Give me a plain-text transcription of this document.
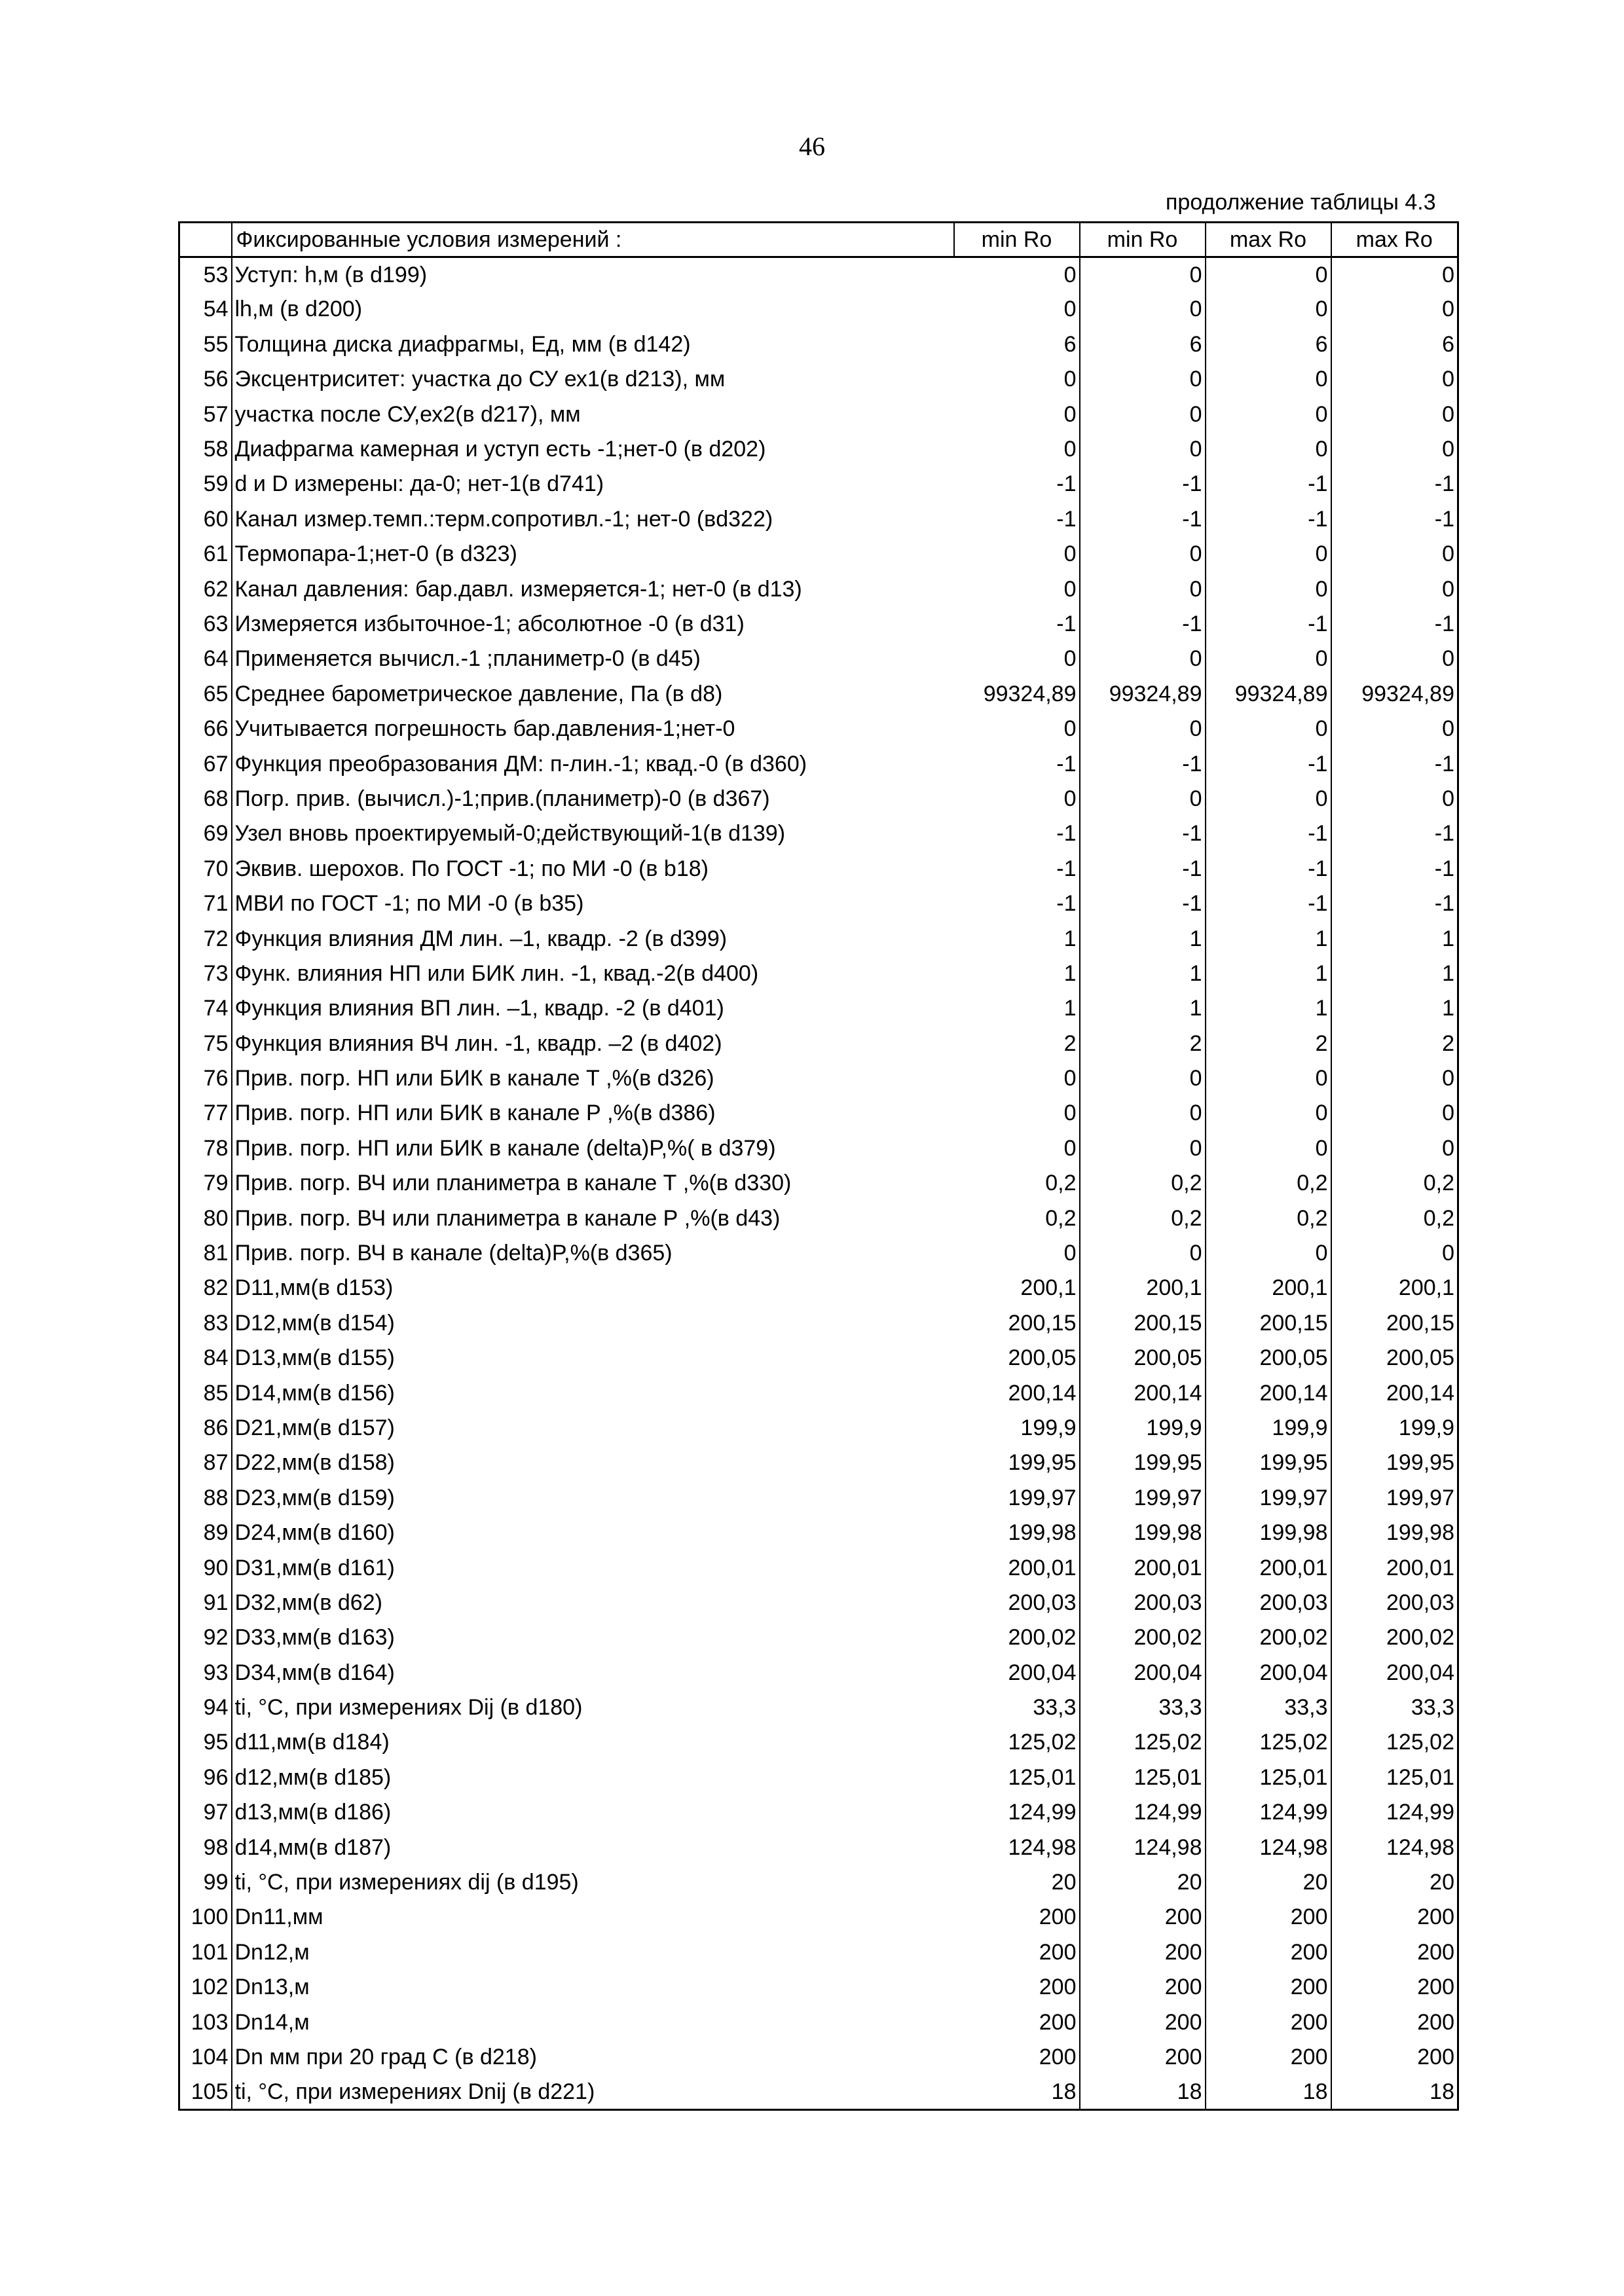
46
продолжение таблицы 4.3
	Фиксированные условия измерений :	min Ro	min Ro	max Ro	max Ro
53	Уступ: h,м (в d199)	0	0	0	0
54	lh,м (в d200)	0	0	0	0
55	Толщина диска диафрагмы, Ед, мм (в d142)	6	6	6	6
56	Эксцентриситет: участка до СУ ех1(в d213), мм	0	0	0	0
57	участка после СУ,ех2(в d217), мм	0	0	0	0
58	Диафрагма камерная и уступ есть -1;нет-0 (в d202)	0	0	0	0
59	d и D измерены: да-0; нет-1(в d741)	-1	-1	-1	-1
60	Канал измер.темп.:терм.сопротивл.-1; нет-0 (вd322)	-1	-1	-1	-1
61	Термопара-1;нет-0 (в d323)	0	0	0	0
62	Канал давления: бар.давл. измеряется-1; нет-0 (в d13)	0	0	0	0
63	Измеряется избыточное-1; абсолютное -0 (в d31)	-1	-1	-1	-1
64	Применяется вычисл.-1 ;планиметр-0 (в d45)	0	0	0	0
65	Среднее барометрическое давление, Па (в d8)	99324,89	99324,89	99324,89	99324,89
66	Учитывается погрешность бар.давления-1;нет-0	0	0	0	0
67	Функция преобразования ДМ: п-лин.-1; квад.-0 (в d360)	-1	-1	-1	-1
68	Погр. прив. (вычисл.)-1;прив.(планиметр)-0 (в d367)	0	0	0	0
69	Узел вновь проектируемый-0;действующий-1(в d139)	-1	-1	-1	-1
70	Эквив. шерохов. По ГОСТ -1; по МИ -0 (в b18)	-1	-1	-1	-1
71	МВИ по ГОСТ -1; по МИ -0 (в b35)	-1	-1	-1	-1
72	Функция влияния ДМ лин. –1, квадр. -2 (в d399)	1	1	1	1
73	Функ. влияния НП или БИК лин. -1, квад.-2(в d400)	1	1	1	1
74	Функция влияния ВП лин. –1, квадр. -2 (в d401)	1	1	1	1
75	Функция влияния ВЧ лин. -1, квадр. –2 (в d402)	2	2	2	2
76	Прив. погр. НП или БИК в канале Т ,%(в d326)	0	0	0	0
77	Прив. погр. НП или БИК в канале Р ,%(в d386)	0	0	0	0
78	Прив. погр. НП или БИК в канале (delta)P,%( в d379)	0	0	0	0
79	Прив. погр. ВЧ или планиметра в канале Т ,%(в d330)	0,2	0,2	0,2	0,2
80	Прив. погр. ВЧ или планиметра в канале Р ,%(в d43)	0,2	0,2	0,2	0,2
81	Прив. погр. ВЧ в канале (delta)P,%(в d365)	0	0	0	0
82	D11,мм(в d153)	200,1	200,1	200,1	200,1
83	D12,мм(в d154)	200,15	200,15	200,15	200,15
84	D13,мм(в d155)	200,05	200,05	200,05	200,05
85	D14,мм(в d156)	200,14	200,14	200,14	200,14
86	D21,мм(в d157)	199,9	199,9	199,9	199,9
87	D22,мм(в d158)	199,95	199,95	199,95	199,95
88	D23,мм(в d159)	199,97	199,97	199,97	199,97
89	D24,мм(в d160)	199,98	199,98	199,98	199,98
90	D31,мм(в d161)	200,01	200,01	200,01	200,01
91	D32,мм(в d62)	200,03	200,03	200,03	200,03
92	D33,мм(в d163)	200,02	200,02	200,02	200,02
93	D34,мм(в d164)	200,04	200,04	200,04	200,04
94	ti, °С, при измерениях Dij (в d180)	33,3	33,3	33,3	33,3
95	d11,мм(в d184)	125,02	125,02	125,02	125,02
96	d12,мм(в d185)	125,01	125,01	125,01	125,01
97	d13,мм(в d186)	124,99	124,99	124,99	124,99
98	d14,мм(в d187)	124,98	124,98	124,98	124,98
99	ti, °С, при измерениях dij (в d195)	20	20	20	20
100	Dn11,мм	200	200	200	200
101	Dn12,м	200	200	200	200
102	Dn13,м	200	200	200	200
103	Dn14,м	200	200	200	200
104	Dn мм при 20 град С (в d218)	200	200	200	200
105	ti, °С, при измерениях Dnij (в d221)	18	18	18	18
